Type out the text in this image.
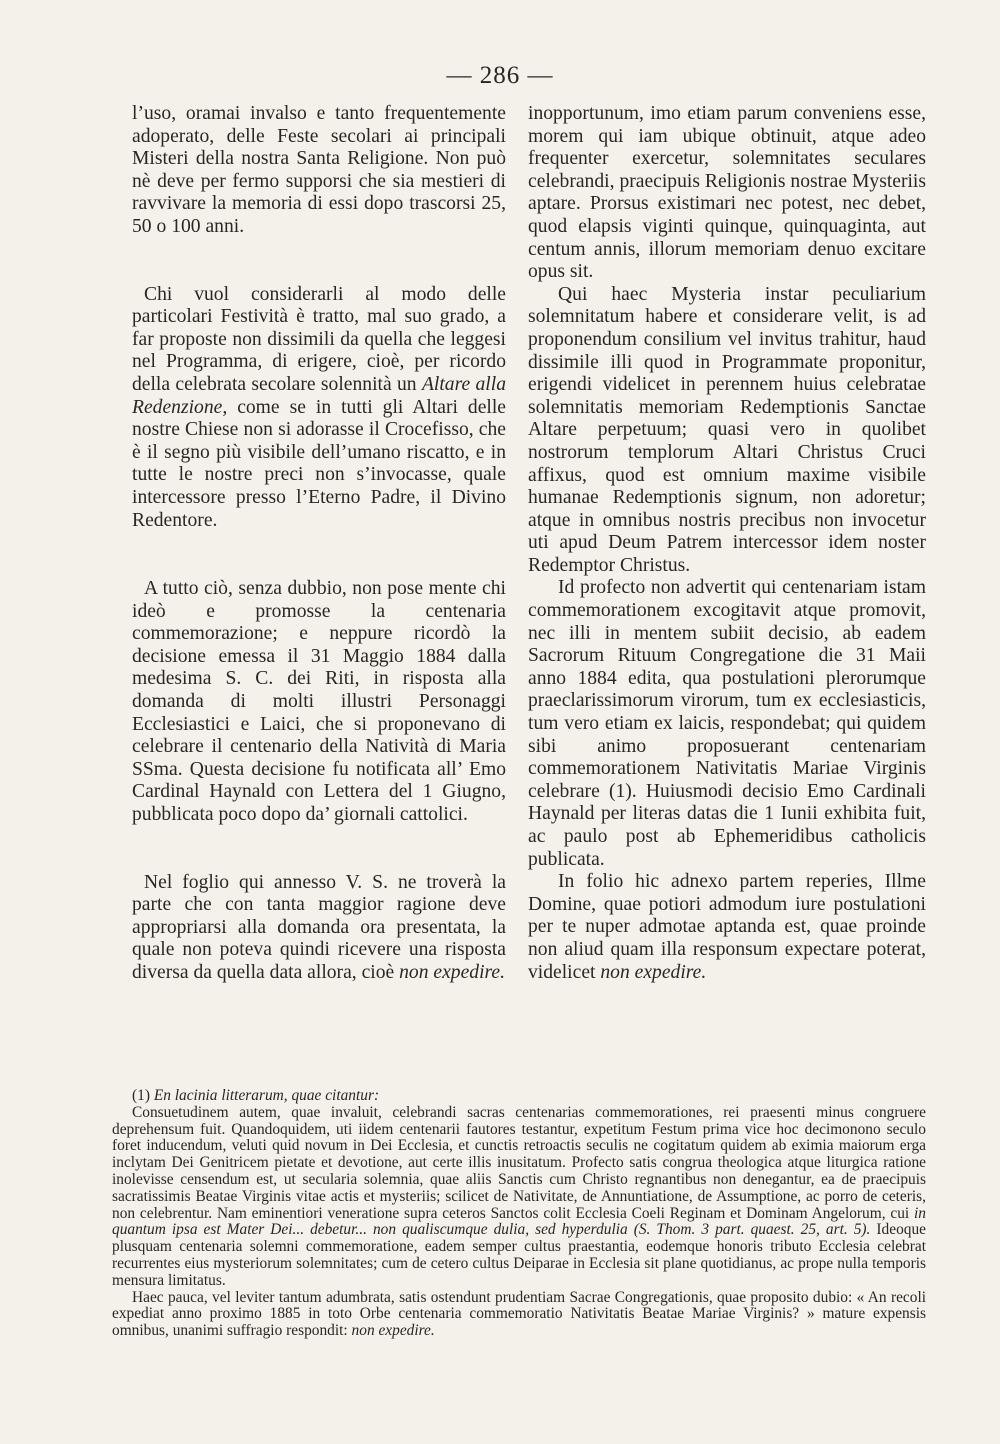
— 286 —

l’uso, oramai invalso e tanto frequentemente adoperato, delle Feste secolari ai principali Misteri della nostra Santa Religione. Non può nè deve per fermo supporsi che sia mestieri di ravvivare la memoria di essi dopo trascorsi 25, 50 o 100 anni.

Chi vuol considerarli al modo delle particolari Festività è tratto, mal suo grado, a far proposte non dissimili da quella che leggesi nel Programma, di erigere, cioè, per ricordo della celebrata secolare solennità un Altare alla Redenzione, come se in tutti gli Altari delle nostre Chiese non si adorasse il Crocefisso, che è il segno più visibile dell’umano riscatto, e in tutte le nostre preci non s’invocasse, quale intercessore presso l’Eterno Padre, il Divino Redentore.

A tutto ciò, senza dubbio, non pose mente chi ideò e promosse la centenaria commemorazione; e neppure ricordò la decisione emessa il 31 Maggio 1884 dalla medesima S. C. dei Riti, in risposta alla domanda di molti illustri Personaggi Ecclesiastici e Laici, che si proponevano di celebrare il centenario della Natività di Maria SSma. Questa decisione fu notificata all’ Emo Cardinal Haynald con Lettera del 1 Giugno, pubblicata poco dopo da’ giornali cattolici.

Nel foglio qui annesso V. S. ne troverà la parte che con tanta maggior ragione deve appropriarsi alla domanda ora presentata, la quale non poteva quindi ricevere una risposta diversa da quella data allora, cioè non expedire.

inopportunum, imo etiam parum conveniens esse, morem qui iam ubique obtinuit, atque adeo frequenter exercetur, solemnitates seculares celebrandi, praecipuis Religionis nostrae Mysteriis aptare. Prorsus existimari nec potest, nec debet, quod elapsis viginti quinque, quinquaginta, aut centum annis, illorum memoriam denuo excitare opus sit.

Qui haec Mysteria instar peculiarium solemnitatum habere et considerare velit, is ad proponendum consilium vel invitus trahitur, haud dissimile illi quod in Programmate proponitur, erigendi videlicet in perennem huius celebratae solemnitatis memoriam Redemptionis Sanctae Altare perpetuum; quasi vero in quolibet nostrorum templorum Altari Christus Cruci affixus, quod est omnium maxime visibile humanae Redemptionis signum, non adoretur; atque in omnibus nostris precibus non invocetur uti apud Deum Patrem intercessor idem noster Redemptor Christus.

Id profecto non advertit qui centenariam istam commemorationem excogitavit atque promovit, nec illi in mentem subiit decisio, ab eadem Sacrorum Rituum Congregatione die 31 Maii anno 1884 edita, qua postulationi plerorumque praeclarissimorum virorum, tum ex ecclesiasticis, tum vero etiam ex laicis, respondebat; qui quidem sibi animo proposuerant centenariam commemorationem Nativitatis Mariae Virginis celebrare (1). Huiusmodi decisio Emo Cardinali Haynald per literas datas die 1 Iunii exhibita fuit, ac paulo post ab Ephemeridibus catholicis publicata.

In folio hic adnexo partem reperies, Illme Domine, quae potiori admodum iure postulationi per te nuper admotae aptanda est, quae proinde non aliud quam illa responsum expectare poterat, videlicet non expedire.

(1) En lacinia litterarum, quae citantur:

Consuetudinem autem, quae invaluit, celebrandi sacras centenarias commemorationes, rei praesenti minus congruere deprehensum fuit. Quandoquidem, uti iidem centenarii fautores testantur, expetitum Festum prima vice hoc decimonono seculo foret inducendum, veluti quid novum in Dei Ecclesia, et cunctis retroactis seculis ne cogitatum quidem ab eximia maiorum erga inclytam Dei Genitricem pietate et devotione, aut certe illis inusitatum. Profecto satis congrua theologica atque liturgica ratione inolevisse censendum est, ut secularia solemnia, quae aliis Sanctis cum Christo regnantibus non denegantur, ea de praecipuis sacratissimis Beatae Virginis vitae actis et mysteriis; scilicet de Nativitate, de Annuntiatione, de Assumptione, ac porro de ceteris, non celebrentur. Nam eminentiori veneratione supra ceteros Sanctos colit Ecclesia Coeli Reginam et Dominam Angelorum, cui in quantum ipsa est Mater Dei... debetur... non qualiscumque dulia, sed hyperdulia (S. Thom. 3 part. quaest. 25, art. 5). Ideoque plusquam centenaria solemni commemoratione, eadem semper cultus praestantia, eodemque honoris tributo Ecclesia celebrat recurrentes eius mysteriorum solemnitates; cum de cetero cultus Deiparae in Ecclesia sit plane quotidianus, ac prope nulla temporis mensura limitatus.

Haec pauca, vel leviter tantum adumbrata, satis ostendunt prudentiam Sacrae Congregationis, quae proposito dubio: « An recoli expediat anno proximo 1885 in toto Orbe centenaria commemoratio Nativitatis Beatae Mariae Virginis? » mature expensis omnibus, unanimi suffragio respondit: non expedire.
